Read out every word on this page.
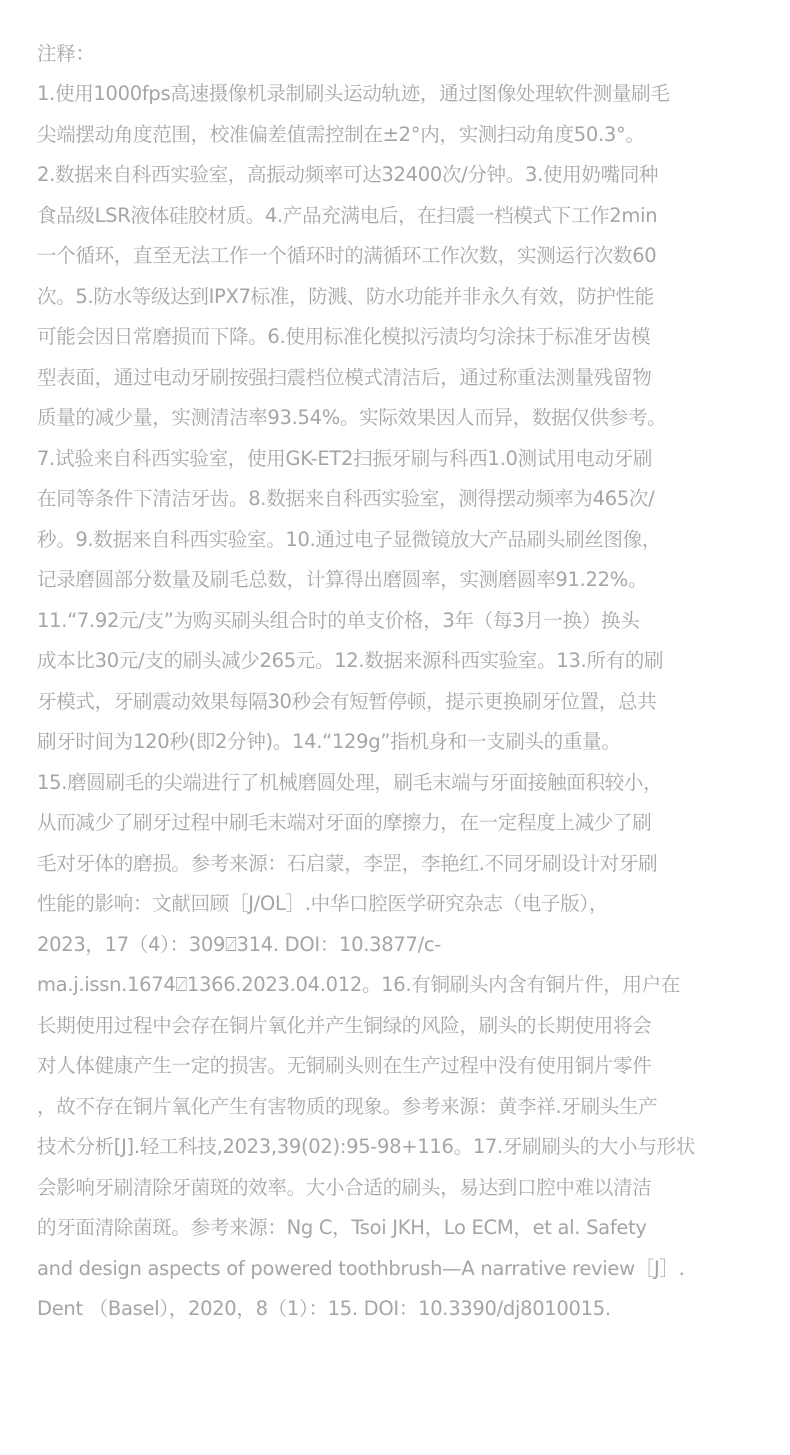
注释：
1.使用1000fps高速摄像机录制刷头运动轨迹，通过图像处理软件测量刷毛
尖端摆动角度范围，校准偏差值需控制在±2°内，实测扫动角度50.3°。
2.数据来自科西实验室，高振动频率可达32400次/分钟。3.使用奶嘴同种
食品级LSR液体硅胶材质。4.产品充满电后，在扫震一档模式下工作2min
一个循环，直至无法工作一个循环时的满循环工作次数，实测运行次数60
次。5.防水等级达到IPX7标准，防溅、防水功能并非永久有效，防护性能
可能会因日常磨损而下降。6.使用标准化模拟污渍均匀涂抹于标准牙齿模
型表面，通过电动牙刷按强扫震档位模式清洁后，通过称重法测量残留物
质量的减少量，实测清洁率93.54%。实际效果因人而异，数据仅供参考。
7.试验来自科西实验室，使用GK-ET2扫振牙刷与科西1.0测试用电动牙刷
在同等条件下清洁牙齿。8.数据来自科西实验室，测得摆动频率为465次/
秒。9.数据来自科西实验室。10.通过电子显微镜放大产品刷头刷丝图像，
记录磨圆部分数量及刷毛总数，计算得出磨圆率，实测磨圆率91.22%。
11.“7.92元/支”为购买刷头组合时的单支价格，3年（每3月一换）换头
成本比30元/支的刷头减少265元。12.数据来源科西实验室。13.所有的刷
牙模式，牙刷震动效果每隔30秒会有短暂停顿，提示更换刷牙位置，总共
刷牙时间为120秒(即2分钟)。14.“129g”指机身和一支刷头的重量。
15.磨圆刷毛的尖端进行了机械磨圆处理，刷毛末端与牙面接触面积较小，
从而减少了刷牙过程中刷毛末端对牙面的摩擦力，在一定程度上减少了刷
毛对牙体的磨损。参考来源：石启蒙，李罡，李艳红.不同牙刷设计对牙刷
性能的影响：文献回顾［J/OL］.中华口腔医学研究杂志（电子版），
2023，17（4）：309⍁314. DOI：10.3877/c-
ma.j.issn.1674⍁1366.2023.04.012。16.有铜刷头内含有铜片件，用户在
长期使用过程中会存在铜片氧化并产生铜绿的风险，刷头的长期使用将会
对人体健康产生一定的损害。无铜刷头则在生产过程中没有使用铜片零件
，故不存在铜片氧化产生有害物质的现象。参考来源：黄李祥.牙刷头生产
技术分析[J].轻工科技,2023,39(02):95-98+116。17.牙刷刷头的大小与形状
会影响牙刷清除牙菌斑的效率。大小合适的刷头，易达到口腔中难以清洁
的牙面清除菌斑。参考来源：Ng C，Tsoi JKH，Lo ECM，et al. Safety
and design aspects of powered toothbrush—A narrative review［J］.
Dent （Basel），2020，8（1）：15. DOI：10.3390/dj8010015.
